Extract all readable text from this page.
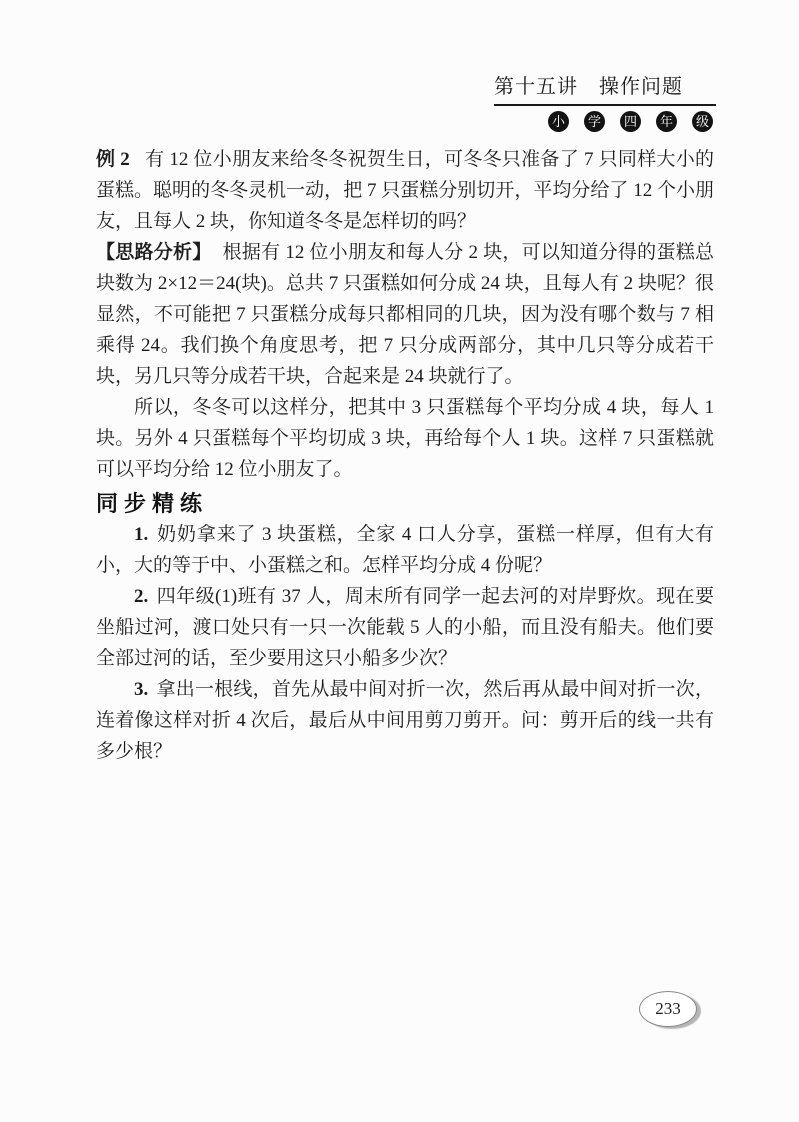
第十五讲　操作问题
小	学	四	年	级

例 2 有 12 位小朋友来给冬冬祝贺生日，可冬冬只准备了 7 只同样大小的蛋糕。聪明的冬冬灵机一动，把 7 只蛋糕分别切开，平均分给了 12 个小朋友，且每人 2 块，你知道冬冬是怎样切的吗？

【思路分析】 根据有 12 位小朋友和每人分 2 块，可以知道分得的蛋糕总块数为 2×12＝24(块)。总共 7 只蛋糕如何分成 24 块，且每人有 2 块呢？很显然，不可能把 7 只蛋糕分成每只都相同的几块，因为没有哪个数与 7 相乘得 24。我们换个角度思考，把 7 只分成两部分，其中几只等分成若干块，另几只等分成若干块，合起来是 24 块就行了。

所以，冬冬可以这样分，把其中 3 只蛋糕每个平均分成 4 块，每人 1 块。另外 4 只蛋糕每个平均切成 3 块，再给每个人 1 块。这样 7 只蛋糕就可以平均分给 12 位小朋友了。

同步精练

1. 奶奶拿来了 3 块蛋糕，全家 4 口人分享，蛋糕一样厚，但有大有小，大的等于中、小蛋糕之和。怎样平均分成 4 份呢？

2. 四年级(1)班有 37 人，周末所有同学一起去河的对岸野炊。现在要坐船过河，渡口处只有一只一次能载 5 人的小船，而且没有船夫。他们要全部过河的话，至少要用这只小船多少次？

3. 拿出一根线，首先从最中间对折一次，然后再从最中间对折一次，连着像这样对折 4 次后，最后从中间用剪刀剪开。问：剪开后的线一共有多少根？

233
